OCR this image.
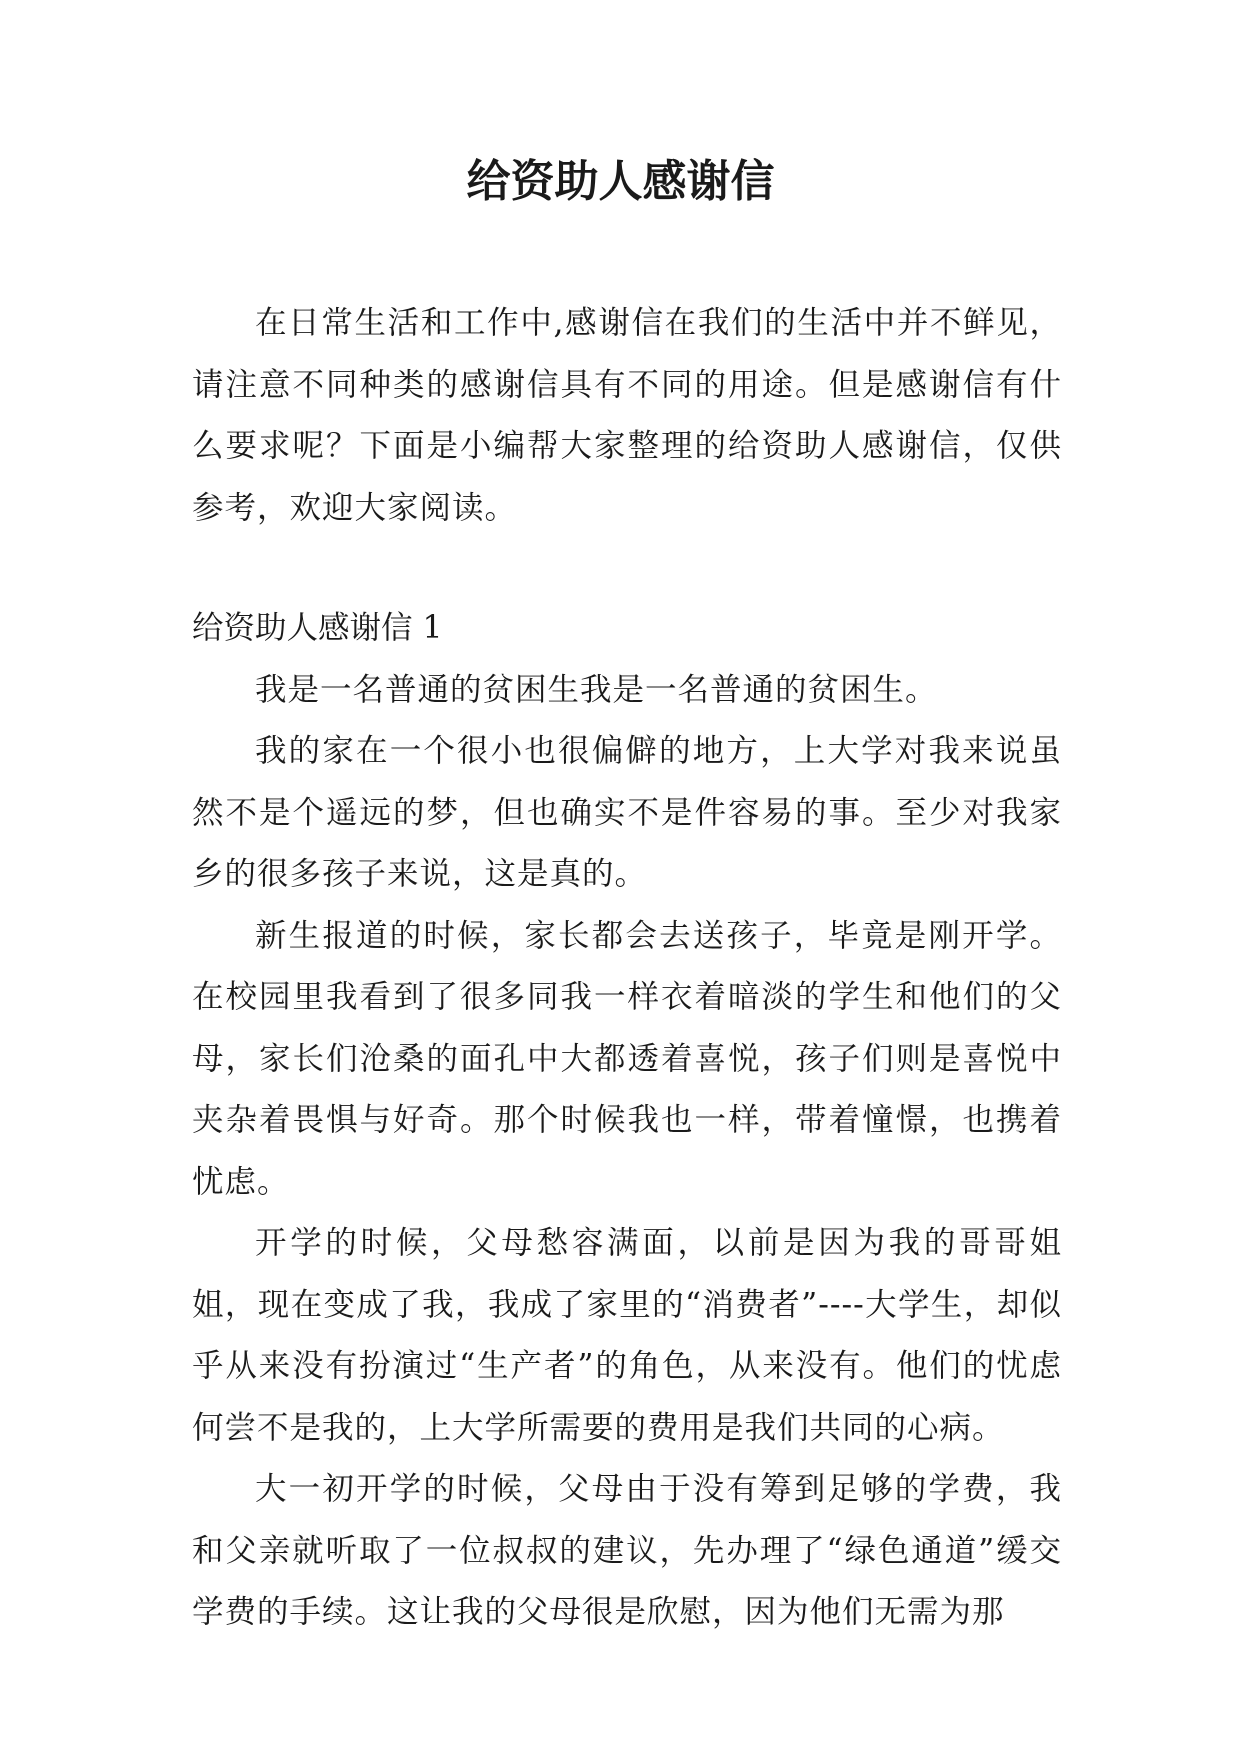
给资助人感谢信

在日常生活和工作中,感谢信在我们的生活中并不鲜见，请注意不同种类的感谢信具有不同的用途。但是感谢信有什么要求呢？下面是小编帮大家整理的给资助人感谢信，仅供参考，欢迎大家阅读。

给资助人感谢信 1

我是一名普通的贫困生我是一名普通的贫困生。

我的家在一个很小也很偏僻的地方，上大学对我来说虽然不是个遥远的梦，但也确实不是件容易的事。至少对我家乡的很多孩子来说，这是真的。

新生报道的时候，家长都会去送孩子，毕竟是刚开学。在校园里我看到了很多同我一样衣着暗淡的学生和他们的父母，家长们沧桑的面孔中大都透着喜悦，孩子们则是喜悦中夹杂着畏惧与好奇。那个时候我也一样，带着憧憬，也携着忧虑。

开学的时候，父母愁容满面，以前是因为我的哥哥姐姐，现在变成了我，我成了家里的“消费者”----大学生，却似乎从来没有扮演过“生产者”的角色，从来没有。他们的忧虑何尝不是我的，上大学所需要的费用是我们共同的心病。

大一初开学的时候，父母由于没有筹到足够的学费，我和父亲就听取了一位叔叔的建议，先办理了“绿色通道”缓交学费的手续。这让我的父母很是欣慰，因为他们无需为那
